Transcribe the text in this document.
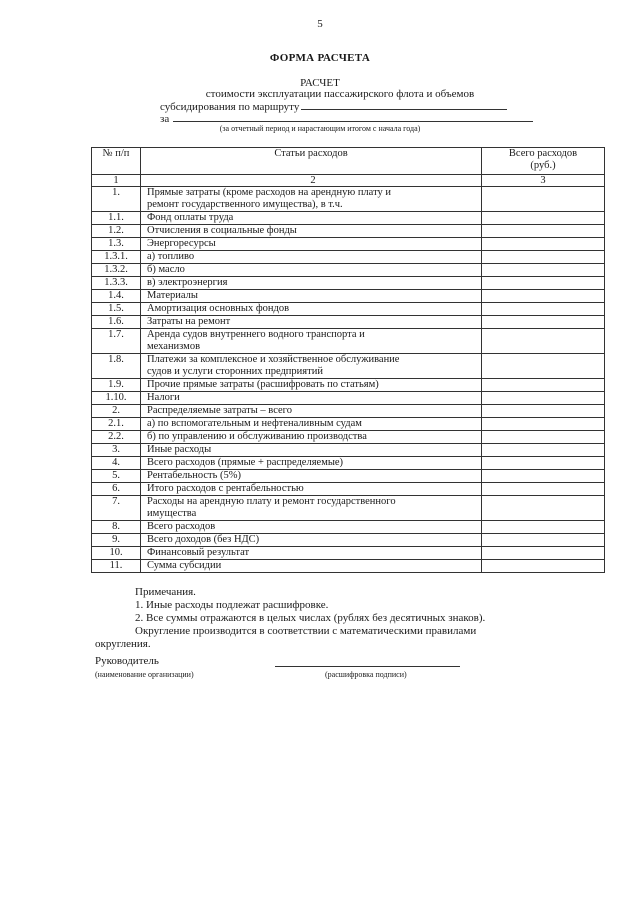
5
ФОРМА РАСЧЕТА
РАСЧЕТ
стоимости эксплуатации пассажирского флота и объемов
субсидирования по маршруту
за
(за отчетный период и нарастающим итогом с начала года)
№ п/п	Статьи расходов	Всего расходов
(руб.)

1	2	3
1.	Прямые затраты (кроме расходов на арендную плату и
ремонт государственного имущества), в т.ч.	

1.1.	Фонд оплаты труда	

1.2.	Отчисления в социальные фонды	

1.3.	Энергоресурсы	

1.3.1.	а) топливо	

1.3.2.	б) масло	

1.3.3.	в) электроэнергия	

1.4.	Материалы	

1.5.	Амортизация основных фондов	

1.6.	Затраты на ремонт	

1.7.	Аренда судов внутреннего водного транспорта и
механизмов	

1.8.	Платежи за комплексное и хозяйственное обслуживание
судов и услуги сторонних предприятий	

1.9.	Прочие прямые затраты (расшифровать по статьям)	

1.10.	Налоги	

2.	Распределяемые затраты – всего	

2.1.	а) по вспомогательным и нефтеналивным судам	

2.2.	б) по управлению и обслуживанию производства	

3.	Иные расходы	

4.	Всего расходов (прямые + распределяемые)	

5.	Рентабельность (5%)	

6.	Итого расходов с рентабельностью	

7.	Расходы на арендную плату и ремонт государственного
имущества	

8.	Всего расходов	

9.	Всего доходов (без НДС)	

10.	Финансовый результат	

11.	Сумма субсидии	

Примечания.
1. Иные расходы подлежат расшифровке.
2. Все суммы отражаются в целых числах (рублях без десятичных знаков).
Округление производится в соответствии с математическими правилами
округления.
Руководитель
(наименование организации)	(расшифровка подписи)
